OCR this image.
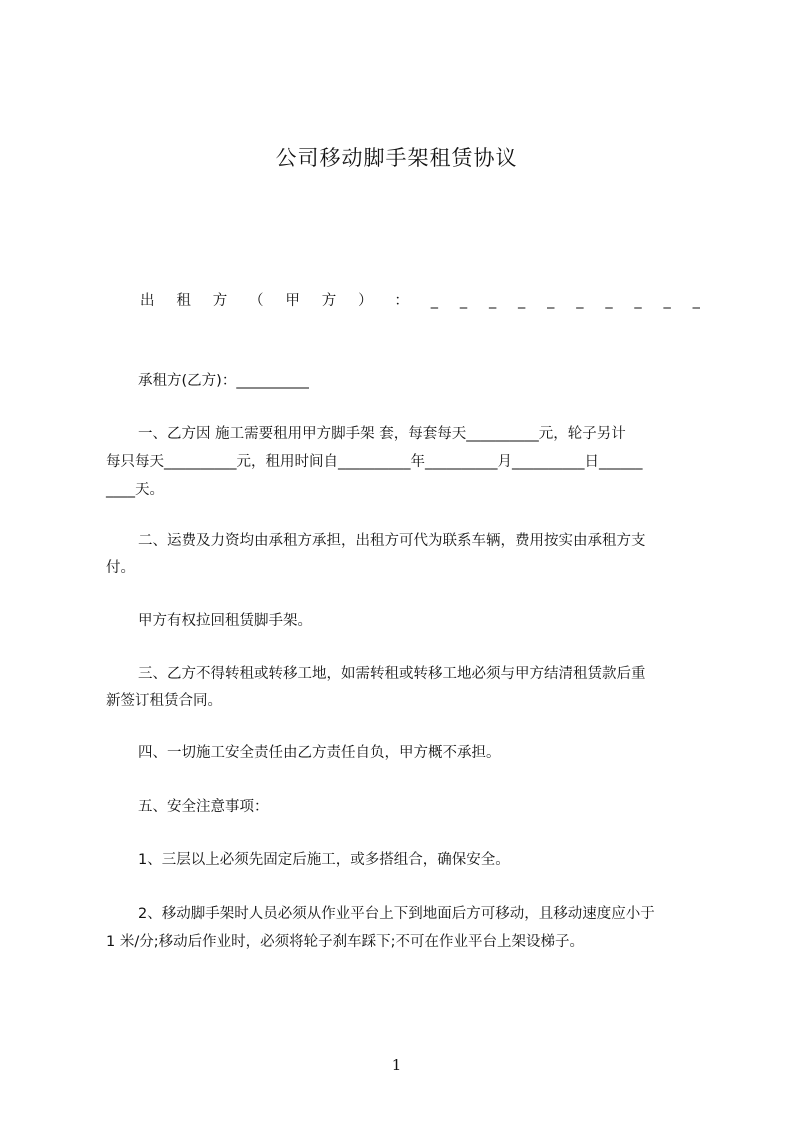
公司移动脚手架租赁协议
出 租 方 （ 甲 方 ） ： _ _ _ _ _ _ _ _ _ _
承租方(乙方)：__________
一、乙方因 施工需要租用甲方脚手架 套，每套每天__________元，轮子另计
每只每天__________元，租用时间自__________年__________月__________日______
____天。
二、运费及力资均由承租方承担，出租方可代为联系车辆，费用按实由承租方支
付。
甲方有权拉回租赁脚手架。
三、乙方不得转租或转移工地，如需转租或转移工地必须与甲方结清租赁款后重
新签订租赁合同。
四、一切施工安全责任由乙方责任自负，甲方概不承担。
五、安全注意事项：
1、三层以上必须先固定后施工，或多搭组合，确保安全。
2、移动脚手架时人员必须从作业平台上下到地面后方可移动，且移动速度应小于
1 米/分;移动后作业时，必须将轮子刹车踩下;不可在作业平台上架设梯子。
1
